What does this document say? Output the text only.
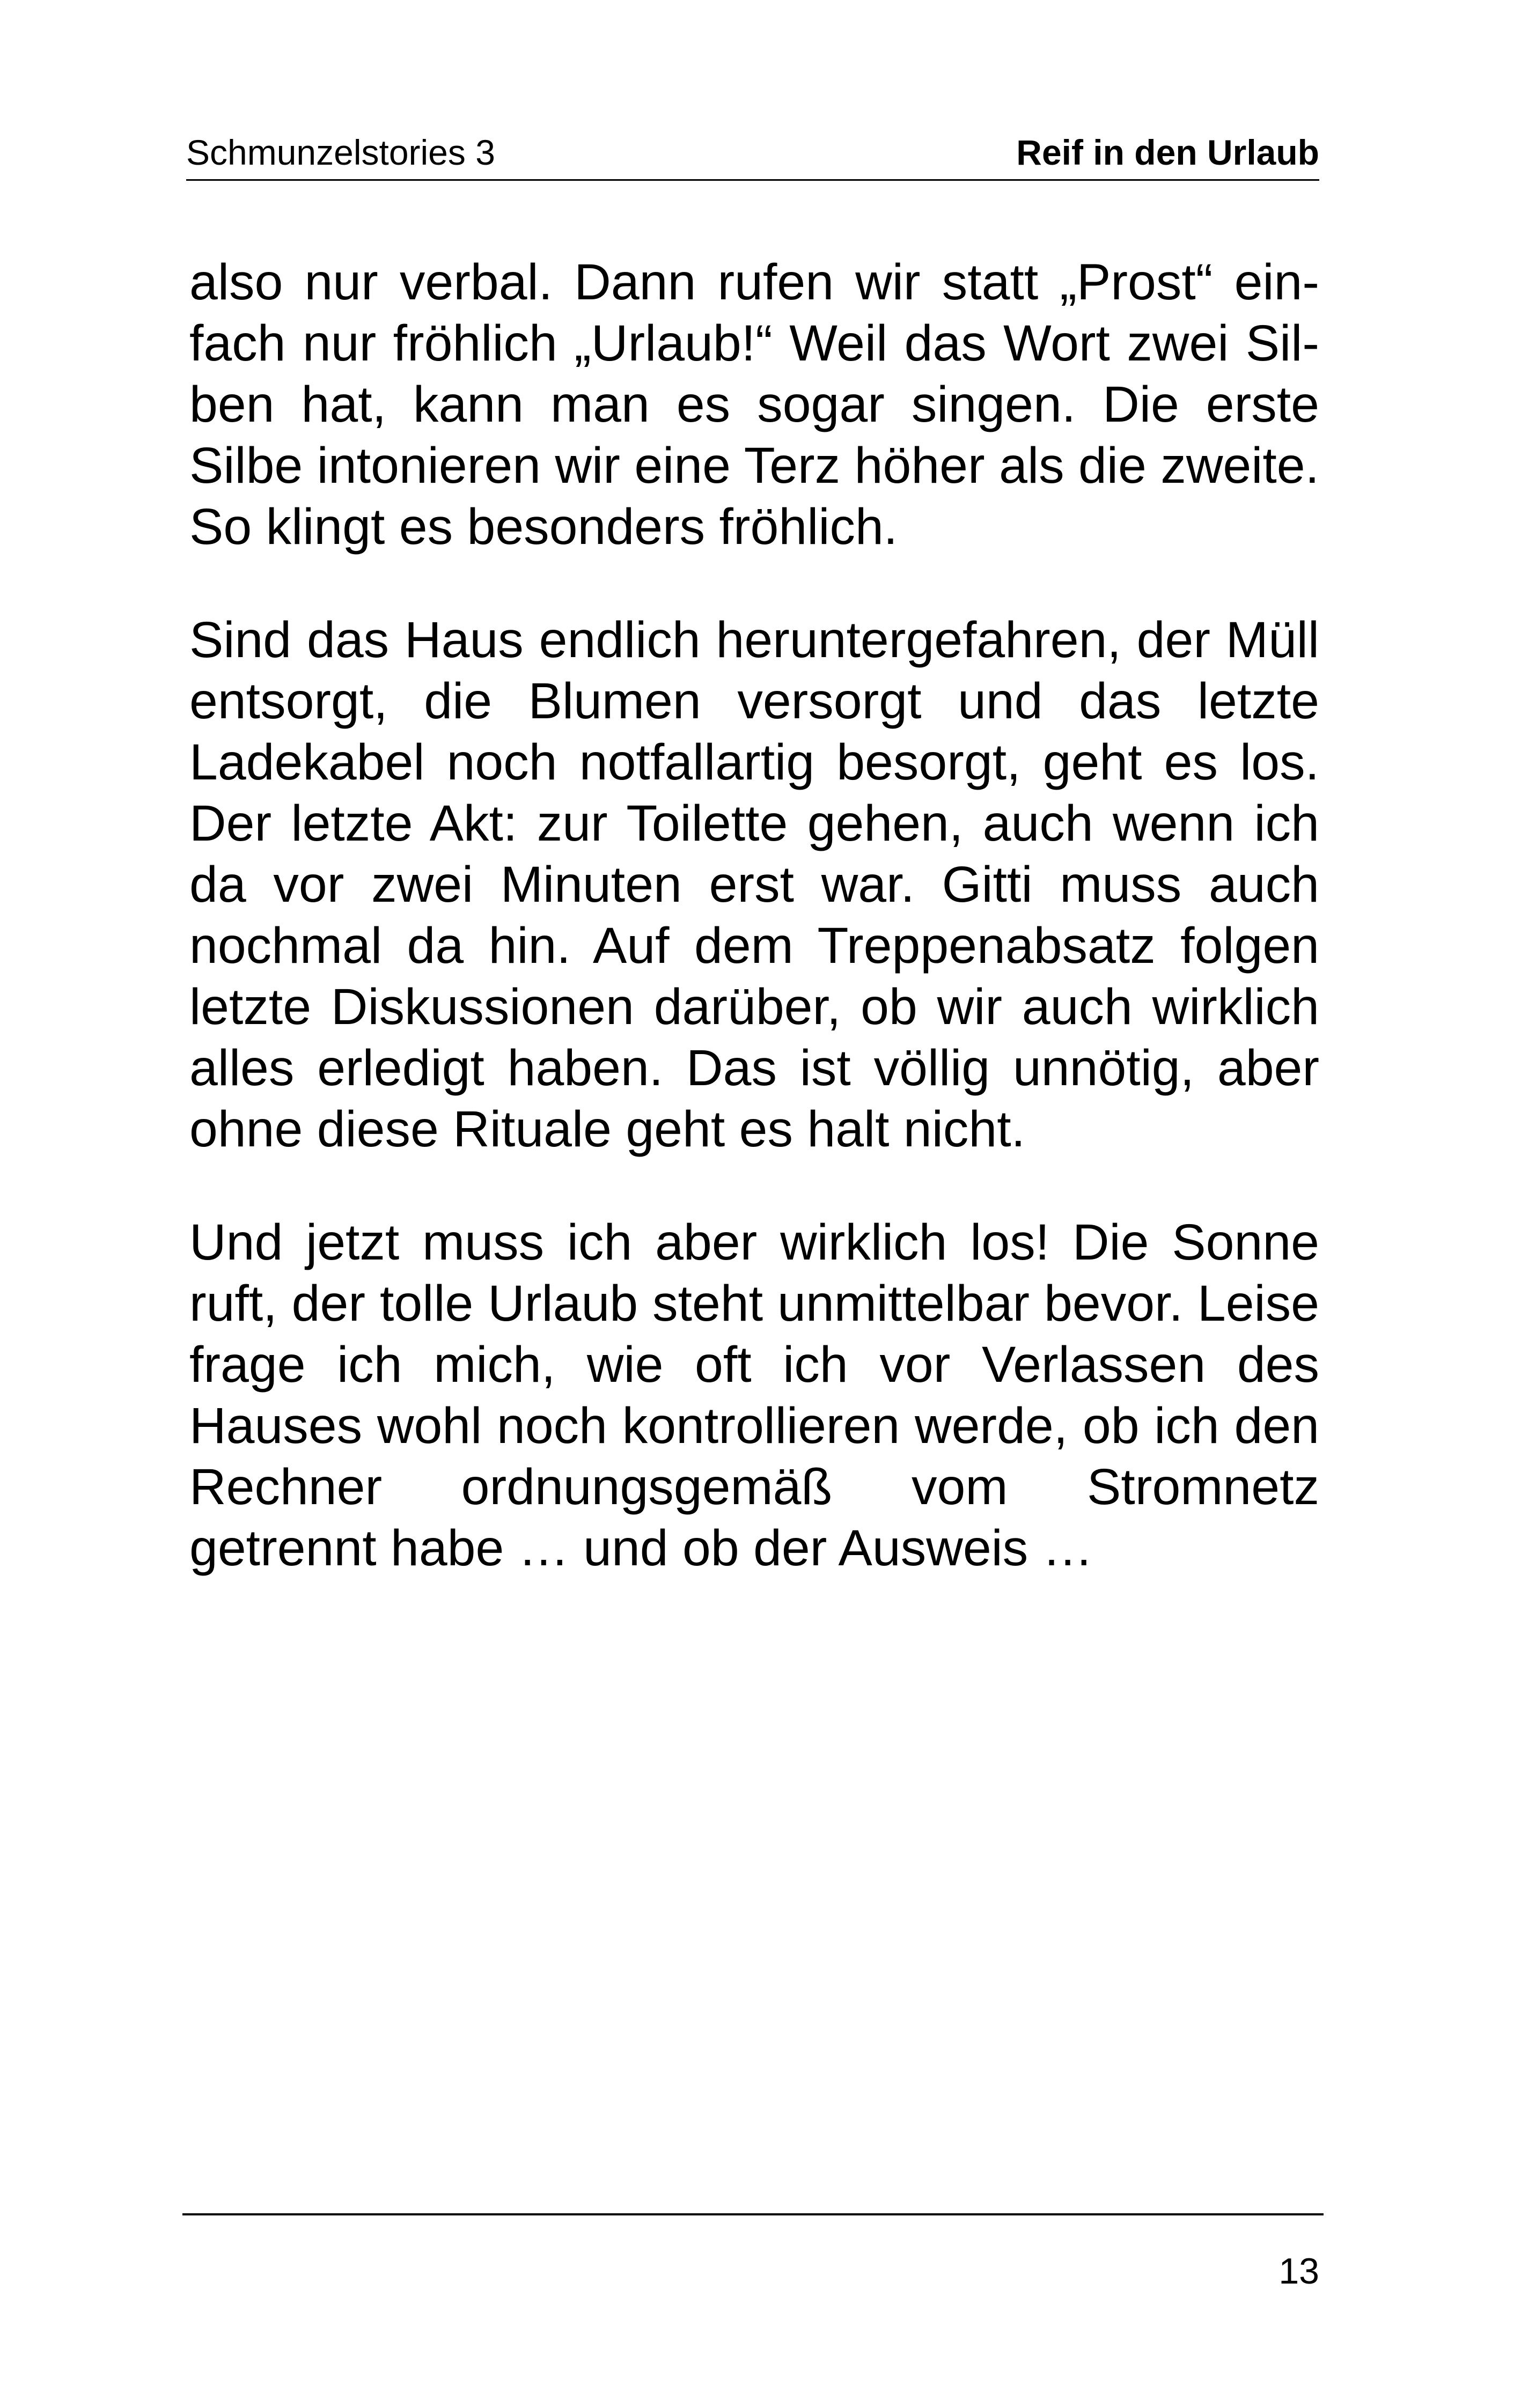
Schmunzelstories 3	Reif in den Urlaub

also nur verbal. Dann rufen wir statt „Prost“ einfach nur fröhlich „Urlaub!“ Weil das Wort zwei Silben hat, kann man es sogar singen. Die erste Silbe intonieren wir eine Terz höher als die zweite. So klingt es besonders fröhlich.

Sind das Haus endlich heruntergefahren, der Müll entsorgt, die Blumen versorgt und das letzte Ladekabel noch notfallartig besorgt, geht es los. Der letzte Akt: zur Toilette gehen, auch wenn ich da vor zwei Minuten erst war. Gitti muss auch nochmal da hin. Auf dem Treppenabsatz folgen letzte Diskussionen darüber, ob wir auch wirklich alles erledigt haben. Das ist völlig unnötig, aber ohne diese Rituale geht es halt nicht.

Und jetzt muss ich aber wirklich los! Die Sonne ruft, der tolle Urlaub steht unmittelbar bevor. Leise frage ich mich, wie oft ich vor Verlassen des Hauses wohl noch kontrollieren werde, ob ich den Rechner ordnungsgemäß vom Stromnetz getrennt habe … und ob der Ausweis …

13
